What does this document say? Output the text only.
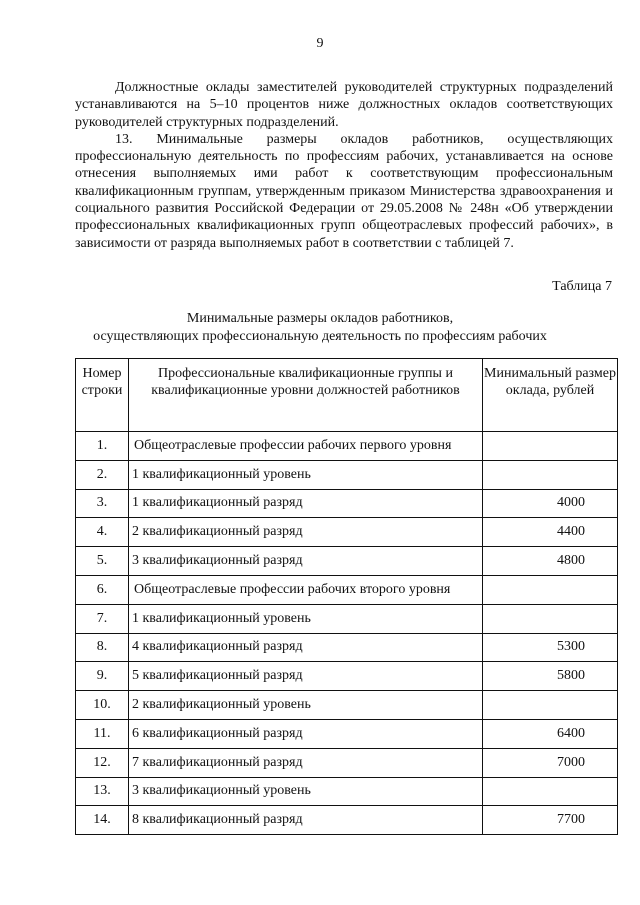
9

Должностные оклады заместителей руководителей структурных подразделений устанавливаются на 5–10 процентов ниже должностных окладов соответствующих руководителей структурных подразделений.

13. Минимальные размеры окладов работников, осуществляющих профессиональную деятельность по профессиям рабочих, устанавливается на основе отнесения выполняемых ими работ к соответствующим профессиональным квалификационным группам, утвержденным приказом Министерства здравоохранения и социального развития Российской Федерации от 29.05.2008 № 248н «Об утверждении профессиональных квалификационных групп общеотраслевых профессий рабочих», в зависимости от разряда выполняемых работ в соответствии с таблицей 7.

Таблица 7
Минимальные размеры окладов работников,
осуществляющих профессиональную деятельность по профессиям рабочих
Номер строки	Профессиональные квалификационные группы и квалификационные уровни должностей работников	Минимальный размер оклада, рублей
1.	Общеотраслевые профессии рабочих первого уровня	
2.	1 квалификационный уровень	
3.	1 квалификационный разряд	4000
4.	2 квалификационный разряд	4400
5.	3 квалификационный разряд	4800
6.	Общеотраслевые профессии рабочих второго уровня	
7.	1 квалификационный уровень	
8.	4 квалификационный разряд	5300
9.	5 квалификационный разряд	5800
10.	2 квалификационный уровень	
11.	6 квалификационный разряд	6400
12.	7 квалификационный разряд	7000
13.	3 квалификационный уровень	
14.	8 квалификационный разряд	7700
